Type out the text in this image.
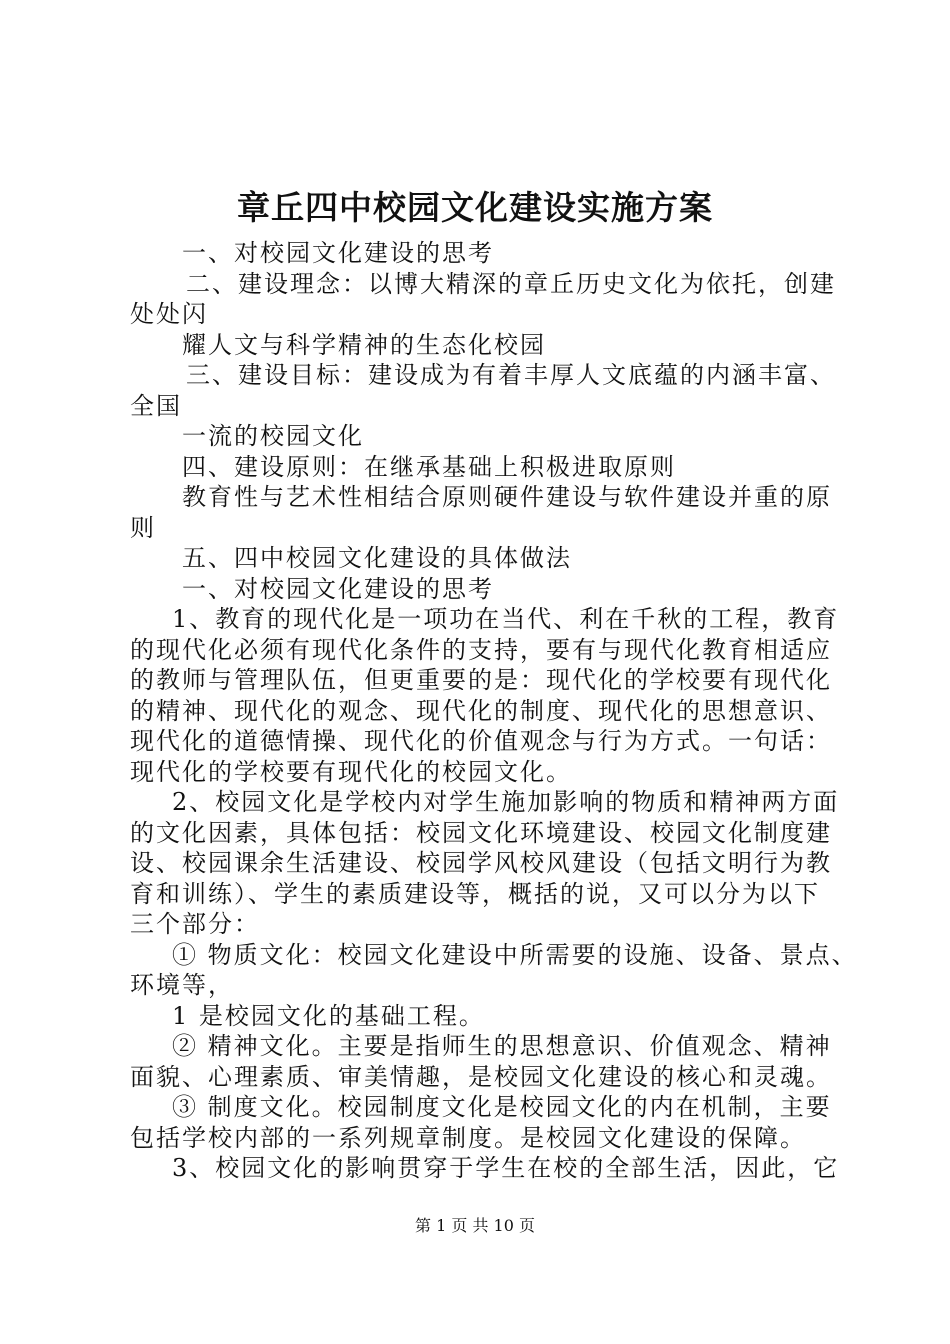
章丘四中校园文化建设实施方案
一、对校园文化建设的思考
二、建设理念：以博大精深的章丘历史文化为依托，创建
处处闪
耀人文与科学精神的生态化校园
三、建设目标：建设成为有着丰厚人文底蕴的内涵丰富、
全国
一流的校园文化
四、建设原则：在继承基础上积极进取原则
教育性与艺术性相结合原则硬件建设与软件建设并重的原
则
五、四中校园文化建设的具体做法
一、对校园文化建设的思考
1、教育的现代化是一项功在当代、利在千秋的工程，教育
的现代化必须有现代化条件的支持，要有与现代化教育相适应
的教师与管理队伍，但更重要的是：现代化的学校要有现代化
的精神、现代化的观念、现代化的制度、现代化的思想意识、
现代化的道德情操、现代化的价值观念与行为方式。一句话：
现代化的学校要有现代化的校园文化。
2、校园文化是学校内对学生施加影响的物质和精神两方面
的文化因素，具体包括：校园文化环境建设、校园文化制度建
设、校园课余生活建设、校园学风校风建设（包括文明行为教
育和训练）、学生的素质建设等，概括的说，又可以分为以下
三个部分：
① 物质文化：校园文化建设中所需要的设施、设备、景点、
环境等，
1 是校园文化的基础工程。
② 精神文化。主要是指师生的思想意识、价值观念、精神
面貌、心理素质、审美情趣，是校园文化建设的核心和灵魂。
③ 制度文化。校园制度文化是校园文化的内在机制，主要
包括学校内部的一系列规章制度。是校园文化建设的保障。
3、校园文化的影响贯穿于学生在校的全部生活，因此，它
第 1 页 共 10 页
